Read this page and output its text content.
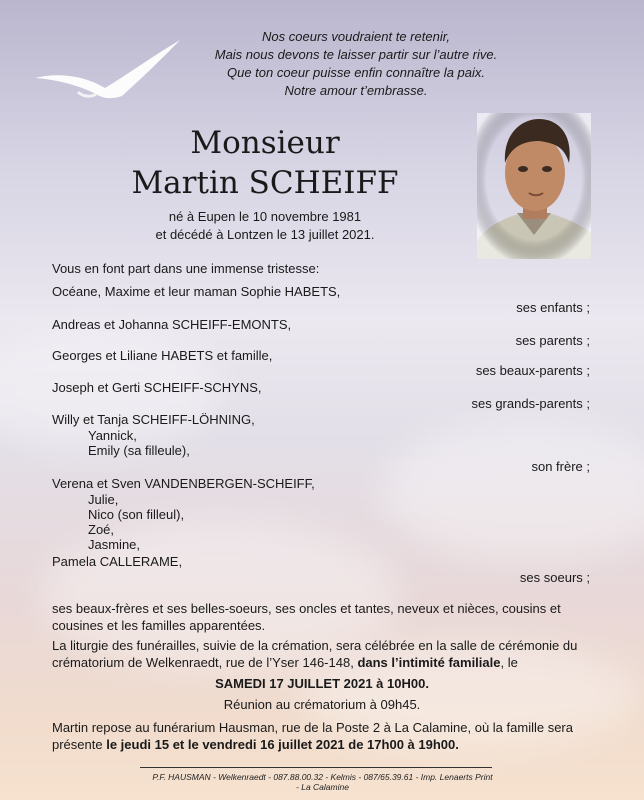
Nos coeurs voudraient te retenir,
Mais nous devons te laisser partir sur l’autre rive.
Que ton coeur puisse enfin connaître la paix.
Notre amour t’embrasse.
Monsieur
Martin SCHEIFF
né à Eupen le 10 novembre 1981
et décédé à Lontzen le 13 juillet 2021.
Vous en font part dans une immense tristesse:
Océane, Maxime et leur maman Sophie HABETS,
ses enfants ;
Andreas et Johanna SCHEIFF-EMONTS,
ses parents ;
Georges et Liliane HABETS et famille,
ses beaux-parents ;
Joseph et Gerti SCHEIFF-SCHYNS,
ses grands-parents ;
Willy et Tanja SCHEIFF-LÖHNING,
Yannick,
Emily (sa filleule),
son frère ;
Verena et Sven VANDENBERGEN-SCHEIFF,
Julie,
Nico (son filleul),
Zoé,
Jasmine,
Pamela CALLERAME,
ses soeurs ;
ses beaux-frères et ses belles-soeurs, ses oncles et tantes, neveux et nièces, cousins et cousines et les familles apparentées.
La liturgie des funérailles, suivie de la crémation, sera célébrée en la salle de cérémonie du crématorium de Welkenraedt, rue de l’Yser 146-148, dans l’intimité familiale, le
SAMEDI 17 JUILLET 2021 à 10H00.
Réunion au crématorium à 09h45.
Martin repose au funérarium Hausman, rue de la Poste 2 à La Calamine, où la famille sera présente le jeudi 15 et le vendredi 16 juillet 2021 de 17h00 à 19h00.
P.F. HAUSMAN - Welkenraedt - 087.88.00.32 - Kelmis - 087/65.39.61 - Imp. Lenaerts Print - La Calamine
